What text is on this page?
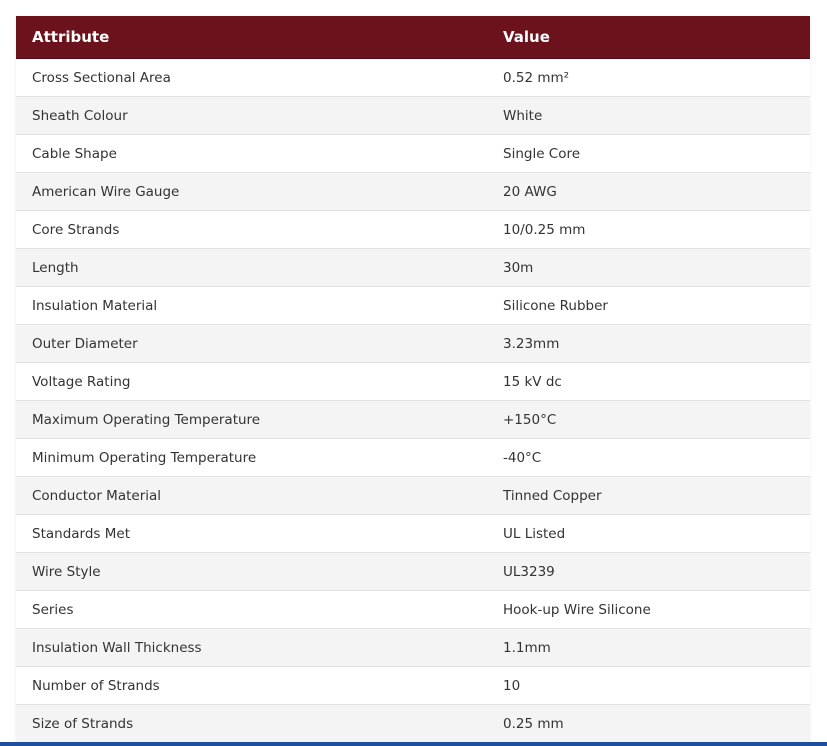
Attribute	Value
Cross Sectional Area	0.52 mm²
Sheath Colour	White
Cable Shape	Single Core
American Wire Gauge	20 AWG
Core Strands	10/0.25 mm
Length	30m
Insulation Material	Silicone Rubber
Outer Diameter	3.23mm
Voltage Rating	15 kV dc
Maximum Operating Temperature	+150°C
Minimum Operating Temperature	-40°C
Conductor Material	Tinned Copper
Standards Met	UL Listed
Wire Style	UL3239
Series	Hook-up Wire Silicone
Insulation Wall Thickness	1.1mm
Number of Strands	10
Size of Strands	0.25 mm
